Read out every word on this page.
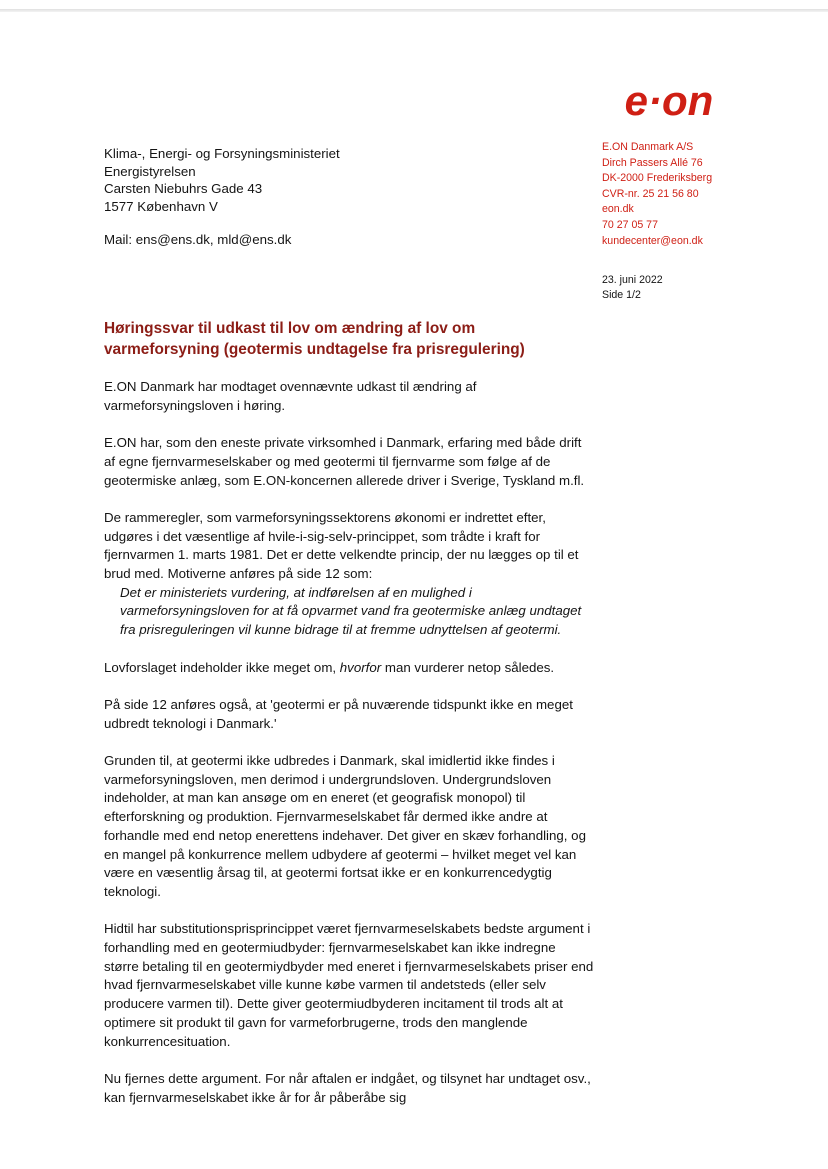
e·on
Klima-, Energi- og Forsyningsministeriet
Energistyrelsen
Carsten Niebuhrs Gade 43
1577 København V
Mail: ens@ens.dk, mld@ens.dk
E.ON Danmark A/S
Dirch Passers Allé 76
DK-2000 Frederiksberg
CVR-nr. 25 21 56 80
eon.dk
70 27 05 77
kundecenter@eon.dk
23. juni 2022
Side 1/2
Høringssvar til udkast til lov om ændring af lov om varmeforsyning (geotermis undtagelse fra prisregulering)

E.ON Danmark har modtaget ovennævnte udkast til ændring af varmeforsyningsloven i høring.

E.ON har, som den eneste private virksomhed i Danmark, erfaring med både drift af egne fjernvarmeselskaber og med geotermi til fjernvarme som følge af de geotermiske anlæg, som E.ON-koncernen allerede driver i Sverige, Tyskland m.fl.

De rammeregler, som varmeforsyningssektorens økonomi er indrettet efter, udgøres i det væsentlige af hvile-i-sig-selv-princippet, som trådte i kraft for fjernvarmen 1. marts 1981. Det er dette velkendte princip, der nu lægges op til et brud med. Motiverne anføres på side 12 som:

Det er ministeriets vurdering, at indførelsen af en mulighed i varmeforsyningsloven for at få opvarmet vand fra geotermiske anlæg undtaget fra prisreguleringen vil kunne bidrage til at fremme udnyttelsen af geotermi.

Lovforslaget indeholder ikke meget om, hvorfor man vurderer netop således.

På side 12 anføres også, at 'geotermi er på nuværende tidspunkt ikke en meget udbredt teknologi i Danmark.'

Grunden til, at geotermi ikke udbredes i Danmark, skal imidlertid ikke findes i varmeforsyningsloven, men derimod i undergrundsloven. Undergrundsloven indeholder, at man kan ansøge om en eneret (et geografisk monopol) til efterforskning og produktion. Fjernvarmeselskabet får dermed ikke andre at forhandle med end netop enerettens indehaver. Det giver en skæv forhandling, og en mangel på konkurrence mellem udbydere af geotermi – hvilket meget vel kan være en væsentlig årsag til, at geotermi fortsat ikke er en konkurrencedygtig teknologi.

Hidtil har substitutionsprisprincippet været fjernvarmeselskabets bedste argument i forhandling med en geotermiudbyder: fjernvarmeselskabet kan ikke indregne større betaling til en geotermiydbyder med eneret i fjernvarmeselskabets priser end hvad fjernvarmeselskabet ville kunne købe varmen til andetsteds (eller selv producere varmen til). Dette giver geotermiudbyderen incitament til trods alt at optimere sit produkt til gavn for varmeforbrugerne, trods den manglende konkurrencesituation.

Nu fjernes dette argument. For når aftalen er indgået, og tilsynet har undtaget osv., kan fjernvarmeselskabet ikke år for år påberåbe sig
